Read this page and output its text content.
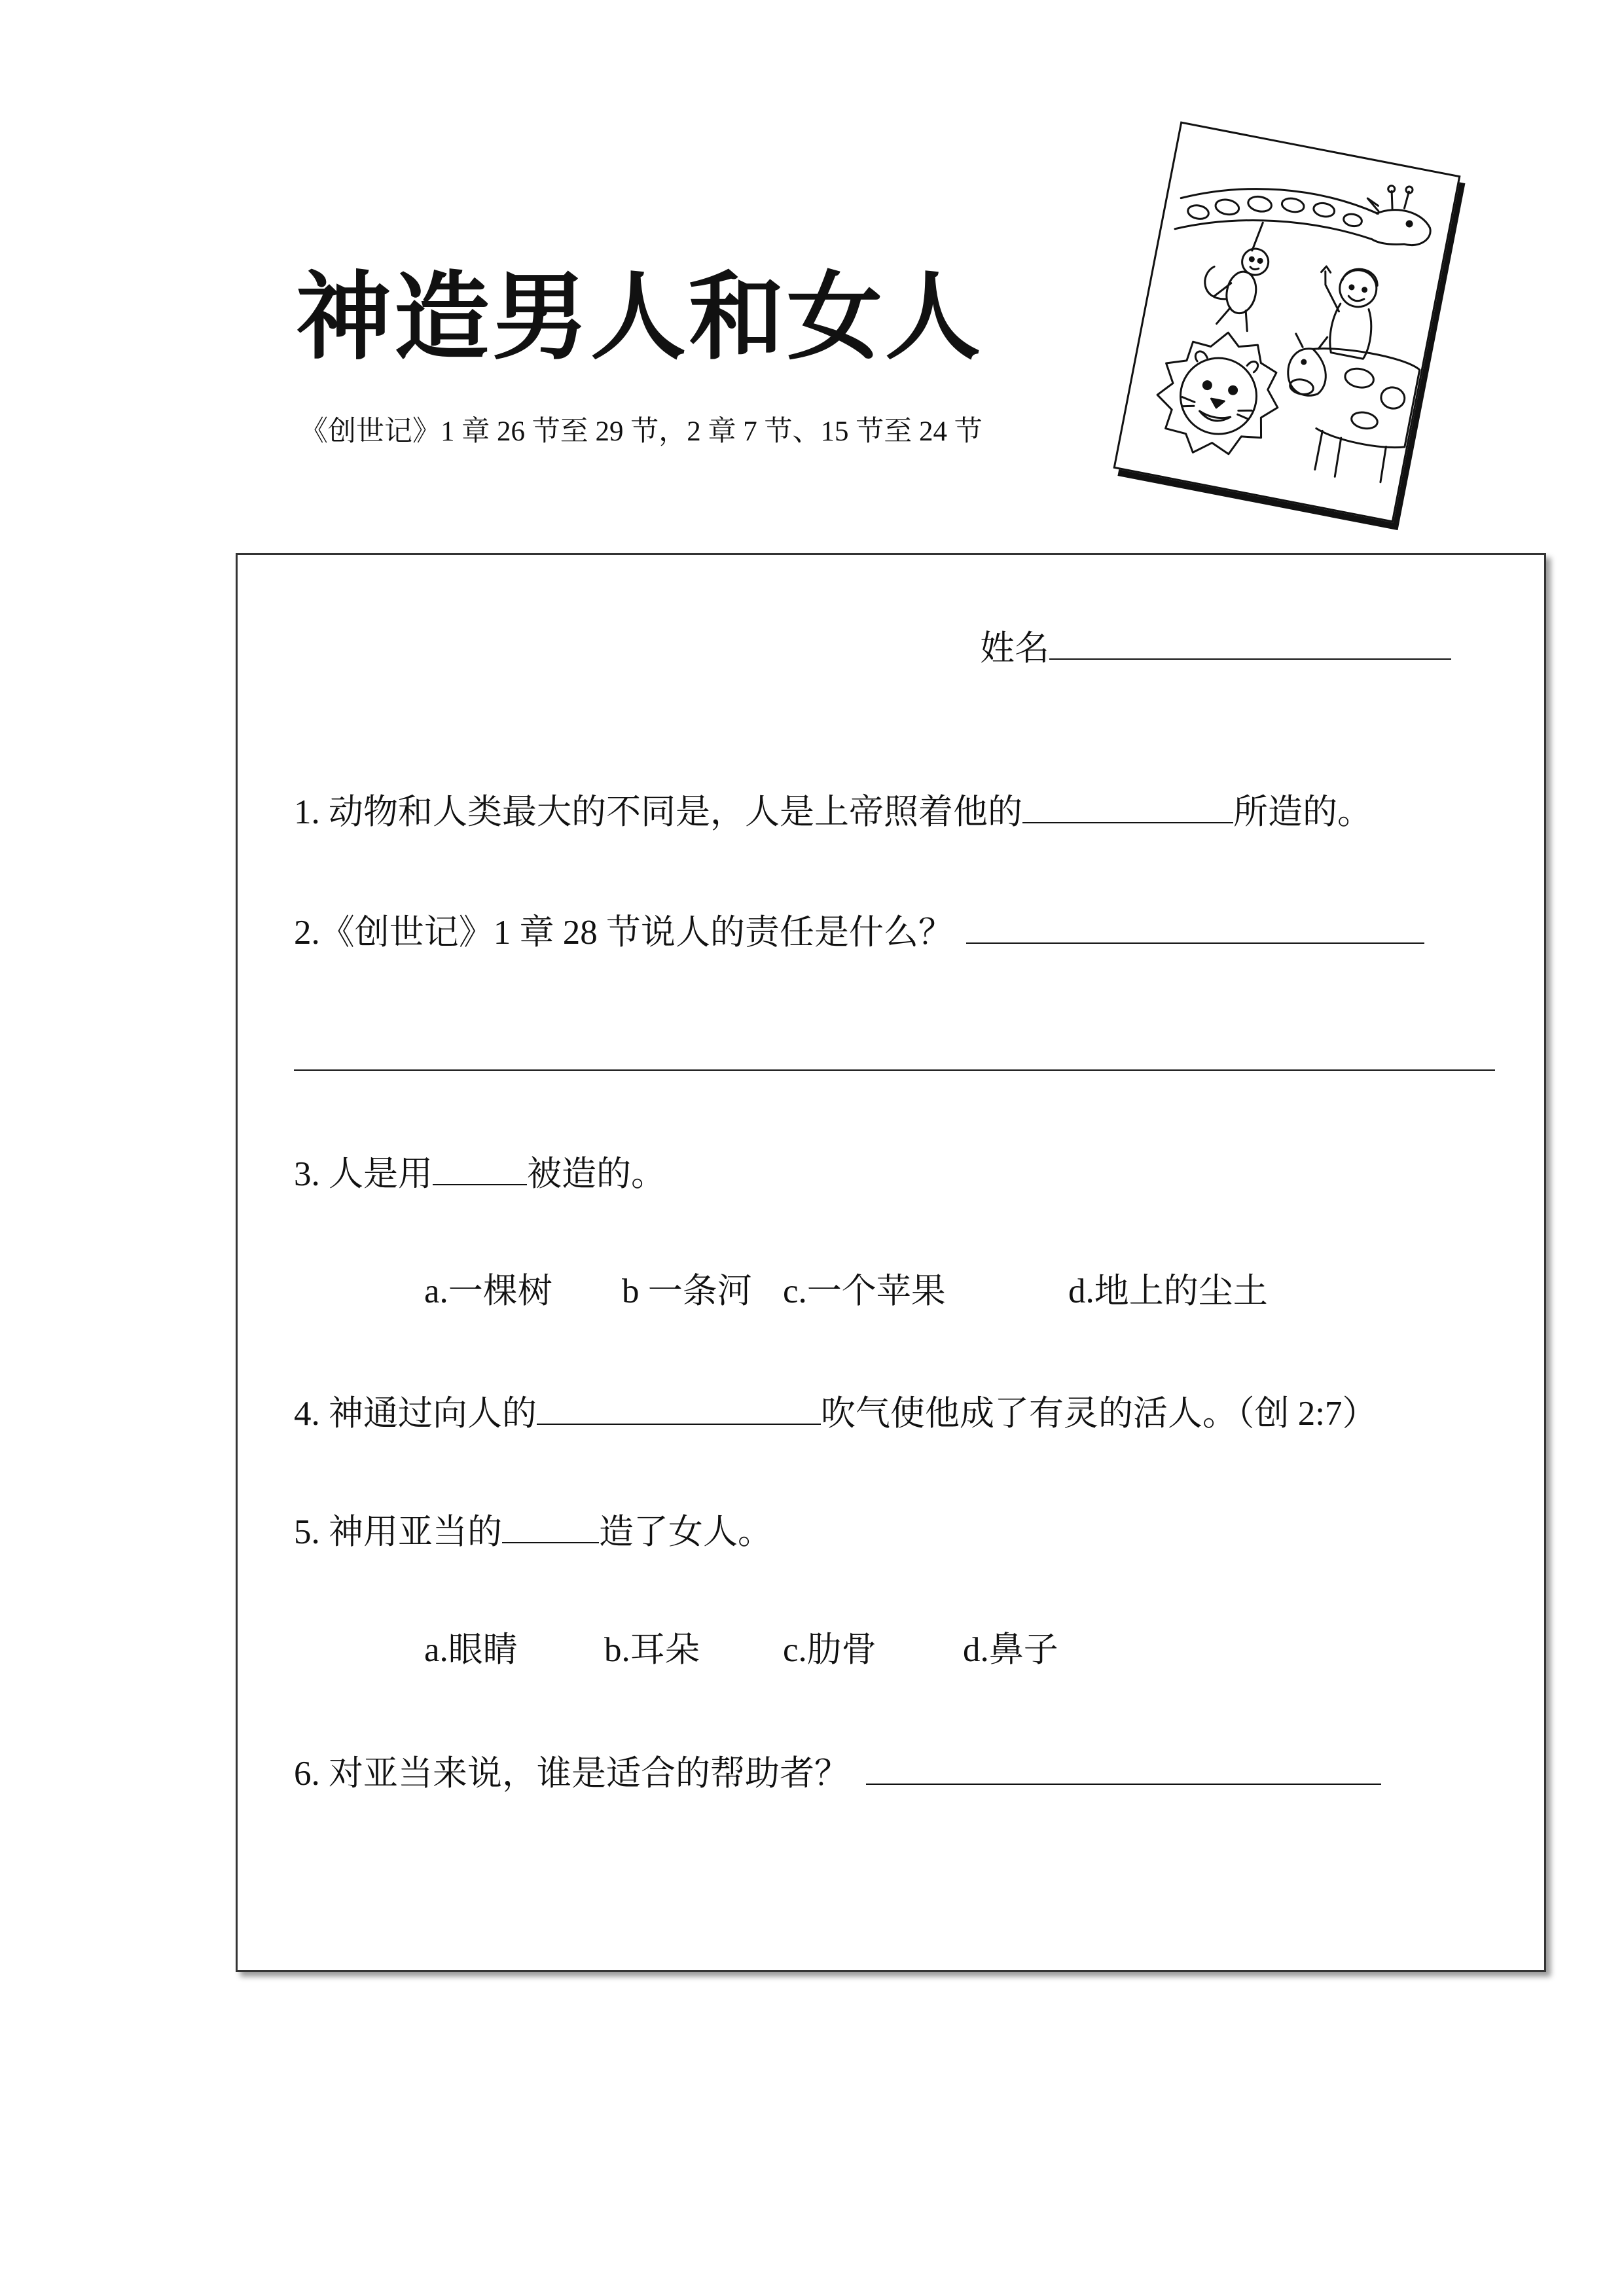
神造男人和女人
《创世记》1 章 26 节至 29 节，2 章 7 节、15 节至 24 节
姓名
1. 动物和人类最大的不同是，人是上帝照着他的	所造的。
2.《创世记》1 章 28 节说人的责任是什么？
3. 人是用	被造的。
a.一棵树 b 一条河 c.一个苹果	d.地上的尘土
4. 神通过向人的	吹气使他成了有灵的活人。（创 2:7）
5. 神用亚当的	造了女人。
a.眼睛 b.耳朵 c.肋骨 d.鼻子
6. 对亚当来说，谁是适合的帮助者？
